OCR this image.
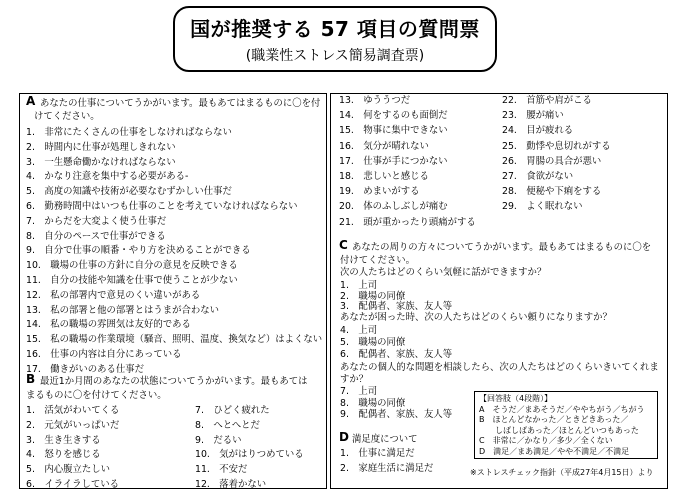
国が推奨する 57 項目の質問票
(職業性ストレス簡易調査票)
A あなたの仕事についてうかがいます。最もあてはまるものに〇を付
けてください。
1.　非常にたくさんの仕事をしなければならない
2.　時間内に仕事が処理しきれない
3.　一生懸命働かなければならない
4.　かなり注意を集中する必要がある-
5.　高度の知識や技術が必要なむずかしい仕事だ
6.　勤務時間中はいつも仕事のことを考えていなければならない
7.　からだを大変よく使う仕事だ
8.　自分のペースで仕事ができる
9.　自分で仕事の順番・やり方を決めることができる
10.　職場の仕事の方針に自分の意見を反映できる
11.　自分の技能や知識を仕事で使うことが少ない
12.　私の部署内で意見のくい違いがある
13.　私の部署と他の部署とはうまが合わない
14.　私の職場の雰囲気は友好的である
15.　私の職場の作業環境（騒音、照明、温度、換気など）はよくない
16.　仕事の内容は自分にあっている
17.　働きがいのある仕事だ
B 最近1か月間のあなたの状態についてうかがいます。最もあては
まるものに〇を付けてください。
1.　活気がわいてくる
2.　元気がいっぱいだ
3.　生き生きする
4.　怒りを感じる
5.　内心腹立たしい
6.　イライラしている
7.　ひどく疲れた
8.　へとへとだ
9.　だるい
10.　気がはりつめている
11.　不安だ
12.　落着かない
13.　ゆううつだ
14.　何をするのも面倒だ
15.　物事に集中できない
16.　気分が晴れない
17.　仕事が手につかない
18.　悲しいと感じる
19.　めまいがする
20.　体のふしぶしが痛む
21.　頭が重かったり頭痛がする
22.　首筋や肩がこる
23.　腰が痛い
24.　目が疲れる
25.　動悸や息切れがする
26.　胃腸の具合が悪い
27.　食欲がない
28.　便秘や下痢をする
29.　よく眠れない
C あなたの周りの方々についてうかがいます。最もあてはまるものに〇を
付けてください。
次の人たちはどのくらい気軽に話ができますか？
1.　上司
2.　職場の同僚
3.　配偶者、家族、友人等
あなたが困った時、次の人たちはどのくらい頼りになりますか？
4.　上司
5.　職場の同僚
6.　配偶者、家族、友人等
あなたの個人的な問題を相談したら、次の人たちはどのくらいきいてくれま
すか？
7.　上司
8.　職場の同僚
9.　配偶者、家族、友人等
【回答肢（4段階）】
A　そうだ／まあそうだ／ややちがう／ちがう
B　ほとんどなかった／ときどきあった／
　　しばしばあった／ほとんどいつもあった
C　非常に／かなり／多少／全くない
D　満足／まあ満足／やや不満足／不満足
D 満足度について
1.　仕事に満足だ
2.　家庭生活に満足だ	※ストレスチェック指針（平成27年4月15日）より
